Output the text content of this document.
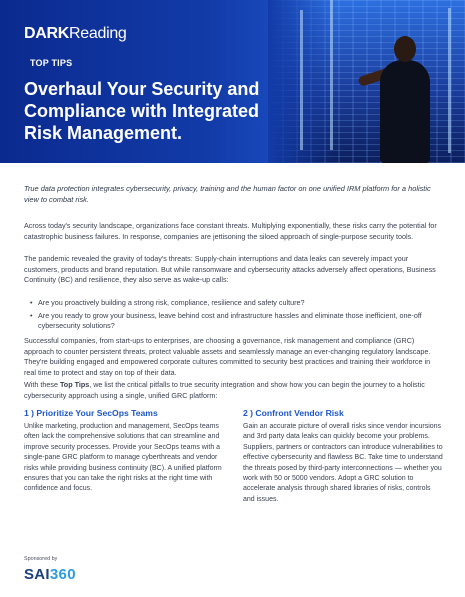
DARKReading
TOP TIPS
Overhaul Your Security and Compliance with Integrated Risk Management.
True data protection integrates cybersecurity, privacy, training and the human factor on one unified IRM platform for a holistic view to combat risk.
Across today's security landscape, organizations face constant threats. Multiplying exponentially, these risks carry the potential for catastrophic business failures. In response, companies are jettisoning the siloed approach of single-purpose security tools.
The pandemic revealed the gravity of today's threats: Supply-chain interruptions and data leaks can severely impact your customers, products and brand reputation. But while ransomware and cybersecurity attacks adversely affect operations, Business Continuity (BC) and resilience, they also serve as wake-up calls:
• Are you proactively building a strong risk, compliance, resilience and safety culture?
• Are you ready to grow your business, leave behind cost and infrastructure hassles and eliminate those inefficient, one-off cybersecurity solutions?
Successful companies, from start-ups to enterprises, are choosing a governance, risk management and compliance (GRC) approach to counter persistent threats, protect valuable assets and seamlessly manage an ever-changing regulatory landscape. They're building engaged and empowered corporate cultures committed to security best practices and training their workforce in real time to protect and stay on top of their data.
With these Top Tips, we list the critical pitfalls to true security integration and show how you can begin the journey to a holistic cybersecurity approach using a single, unified GRC platform:
1 ) Prioritize Your SecOps Teams

Unlike marketing, production and management, SecOps teams often lack the comprehensive solutions that can streamline and improve security processes. Provide your SecOps teams with a single-pane GRC platform to manage cyberthreats and vendor risks while providing business continuity (BC). A unified platform ensures that you can take the right risks at the right time with confidence and focus.

2 ) Confront Vendor Risk

Gain an accurate picture of overall risks since vendor incursions and 3rd party data leaks can quickly become your problems. Suppliers, partners or contractors can introduce vulnerabilities to effective cybersecurity and flawless BC. Take time to understand the threats posed by third-party interconnections — whether you work with 50 or 5000 vendors. Adopt a GRC solution to accelerate analysis through shared libraries of risks, controls and issues.

Sponsored by
SAI360
